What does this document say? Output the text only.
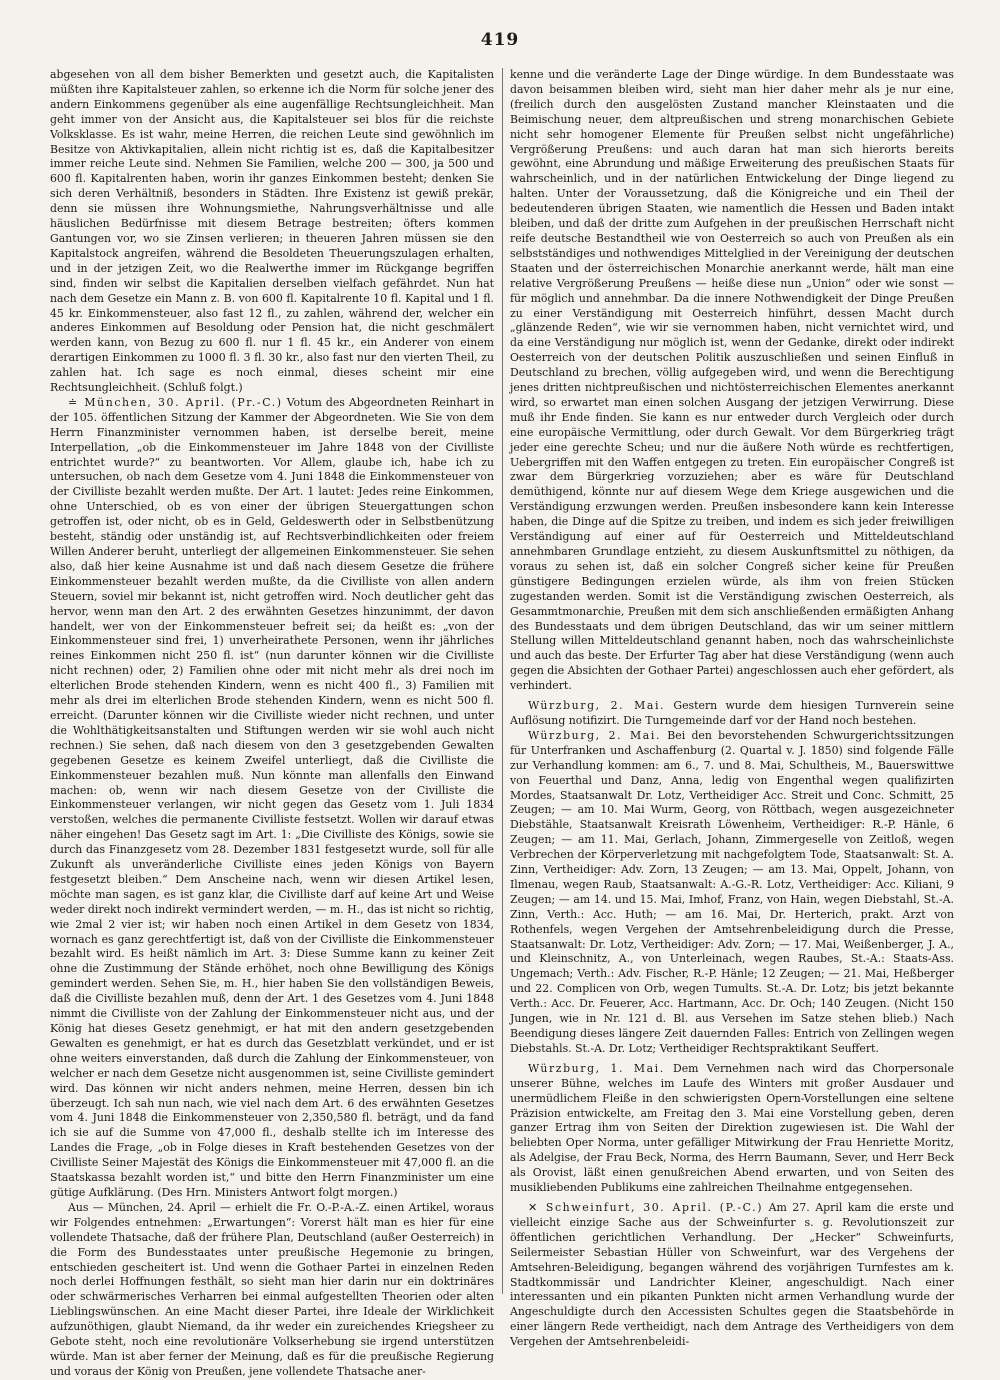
419

abgesehen von all dem bisher Bemerkten und gesetzt auch, die Kapitalisten müßten ihre Kapitalsteuer zahlen, so erkenne ich die Norm für solche jener des andern Einkommens gegenüber als eine augenfällige Rechtsungleichheit. Man geht immer von der Ansicht aus, die Kapitalsteuer sei blos für die reichste Volksklasse. Es ist wahr, meine Herren, die reichen Leute sind gewöhnlich im Besitze von Aktivkapitalien, allein nicht richtig ist es, daß die Kapitalbesitzer immer reiche Leute sind. Nehmen Sie Familien, welche 200 — 300, ja 500 und 600 fl. Kapitalrenten haben, worin ihr ganzes Einkommen besteht; denken Sie sich deren Verhältniß, besonders in Städten. Ihre Existenz ist gewiß prekär, denn sie müssen ihre Wohnungsmiethe, Nahrungsverhältnisse und alle häuslichen Bedürfnisse mit diesem Betrage bestreiten; öfters kommen Gantungen vor, wo sie Zinsen verlieren; in theueren Jahren müssen sie den Kapitalstock angreifen, während die Besoldeten Theuerungszulagen erhalten, und in der jetzigen Zeit, wo die Realwerthe immer im Rückgange begriffen sind, finden wir selbst die Kapitalien derselben vielfach gefährdet. Nun hat nach dem Gesetze ein Mann z. B. von 600 fl. Kapitalrente 10 fl. Kapital und 1 fl. 45 kr. Einkommensteuer, also fast 12 fl., zu zahlen, während der, welcher ein anderes Einkommen auf Besoldung oder Pension hat, die nicht geschmälert werden kann, von Bezug zu 600 fl. nur 1 fl. 45 kr., ein Anderer von einem derartigen Einkommen zu 1000 fl. 3 fl. 30 kr., also fast nur den vierten Theil, zu zahlen hat. Ich sage es noch einmal, dieses scheint mir eine Rechtsungleichheit. (Schluß folgt.)

≐ München, 30. April. (Pr.-C.) Votum des Abgeordneten Reinhart in der 105. öffentlichen Sitzung der Kammer der Abgeordneten. Wie Sie von dem Herrn Finanzminister vernommen haben, ist derselbe bereit, meine Interpellation, „ob die Einkommensteuer im Jahre 1848 von der Civilliste entrichtet wurde?“ zu beantworten. Vor Allem, glaube ich, habe ich zu untersuchen, ob nach dem Gesetze vom 4. Juni 1848 die Einkommensteuer von der Civilliste bezahlt werden mußte. Der Art. 1 lautet: Jedes reine Einkommen, ohne Unterschied, ob es von einer der übrigen Steuergattungen schon getroffen ist, oder nicht, ob es in Geld, Geldeswerth oder in Selbstbenützung besteht, ständig oder unständig ist, auf Rechtsverbindlichkeiten oder freiem Willen Anderer beruht, unterliegt der allgemeinen Einkommensteuer. Sie sehen also, daß hier keine Ausnahme ist und daß nach diesem Gesetze die frühere Einkommensteuer bezahlt werden mußte, da die Civilliste von allen andern Steuern, soviel mir bekannt ist, nicht getroffen wird. Noch deutlicher geht das hervor, wenn man den Art. 2 des erwähnten Gesetzes hinzunimmt, der davon handelt, wer von der Einkommensteuer befreit sei; da heißt es: „von der Einkommensteuer sind frei, 1) unverheirathete Personen, wenn ihr jährliches reines Einkommen nicht 250 fl. ist“ (nun darunter können wir die Civilliste nicht rechnen) oder, 2) Familien ohne oder mit nicht mehr als drei noch im elterlichen Brode stehenden Kindern, wenn es nicht 400 fl., 3) Familien mit mehr als drei im elterlichen Brode stehenden Kindern, wenn es nicht 500 fl. erreicht. (Darunter können wir die Civilliste wieder nicht rechnen, und unter die Wohlthätigkeitsanstalten und Stiftungen werden wir sie wohl auch nicht rechnen.) Sie sehen, daß nach diesem von den 3 gesetzgebenden Gewalten gegebenen Gesetze es keinem Zweifel unterliegt, daß die Civilliste die Einkommensteuer bezahlen muß. Nun könnte man allenfalls den Einwand machen: ob, wenn wir nach diesem Gesetze von der Civilliste die Einkommensteuer verlangen, wir nicht gegen das Gesetz vom 1. Juli 1834 verstoßen, welches die permanente Civilliste festsetzt. Wollen wir darauf etwas näher eingehen! Das Gesetz sagt im Art. 1: „Die Civilliste des Königs, sowie sie durch das Finanzgesetz vom 28. Dezember 1831 festgesetzt wurde, soll für alle Zukunft als unveränderliche Civilliste eines jeden Königs von Bayern festgesetzt bleiben.“ Dem Anscheine nach, wenn wir diesen Artikel lesen, möchte man sagen, es ist ganz klar, die Civilliste darf auf keine Art und Weise weder direkt noch indirekt vermindert werden, — m. H., das ist nicht so richtig, wie 2mal 2 vier ist; wir haben noch einen Artikel in dem Gesetz von 1834, wornach es ganz gerechtfertigt ist, daß von der Civilliste die Einkommensteuer bezahlt wird. Es heißt nämlich im Art. 3: Diese Summe kann zu keiner Zeit ohne die Zustimmung der Stände erhöhet, noch ohne Bewilligung des Königs gemindert werden. Sehen Sie, m. H., hier haben Sie den vollständigen Beweis, daß die Civilliste bezahlen muß, denn der Art. 1 des Gesetzes vom 4. Juni 1848 nimmt die Civilliste von der Zahlung der Einkommensteuer nicht aus, und der König hat dieses Gesetz genehmigt, er hat mit den andern gesetzgebenden Gewalten es genehmigt, er hat es durch das Gesetzblatt verkündet, und er ist ohne weiters einverstanden, daß durch die Zahlung der Einkommensteuer, von welcher er nach dem Gesetze nicht ausgenommen ist, seine Civilliste gemindert wird. Das können wir nicht anders nehmen, meine Herren, dessen bin ich überzeugt. Ich sah nun nach, wie viel nach dem Art. 6 des erwähnten Gesetzes vom 4. Juni 1848 die Einkommensteuer von 2,350,580 fl. beträgt, und da fand ich sie auf die Summe von 47,000 fl., deshalb stellte ich im Interesse des Landes die Frage, „ob in Folge dieses in Kraft bestehenden Gesetzes von der Civilliste Seiner Majestät des Königs die Einkommensteuer mit 47,000 fl. an die Staatskassa bezahlt worden ist,“ und bitte den Herrn Finanzminister um eine gütige Aufklärung. (Des Hrn. Ministers Antwort folgt morgen.)

Aus — München, 24. April — erhielt die Fr. O.-P.-A.-Z. einen Artikel, woraus wir Folgendes entnehmen: „Erwartungen“: Vorerst hält man es hier für eine vollendete Thatsache, daß der frühere Plan, Deutschland (außer Oesterreich) in die Form des Bundesstaates unter preußische Hegemonie zu bringen, entschieden gescheitert ist. Und wenn die Gothaer Partei in einzelnen Reden noch derlei Hoffnungen festhält, so sieht man hier darin nur ein doktrinäres oder schwärmerisches Verharren bei einmal aufgestellten Theorien oder alten Lieblingswünschen. An eine Macht dieser Partei, ihre Ideale der Wirklichkeit aufzunöthigen, glaubt Niemand, da ihr weder ein zureichendes Kriegsheer zu Gebote steht, noch eine revolutionäre Volkserhebung sie irgend unterstützen würde. Man ist aber ferner der Meinung, daß es für die preußische Regierung und voraus der König von Preußen, jene vollendete Thatsache aner-

kenne und die veränderte Lage der Dinge würdige. In dem Bundesstaate was davon beisammen bleiben wird, sieht man hier daher mehr als je nur eine, (freilich durch den ausgelösten Zustand mancher Kleinstaaten und die Beimischung neuer, dem altpreußischen und streng monarchischen Gebiete nicht sehr homogener Elemente für Preußen selbst nicht ungefährliche) Vergrößerung Preußens: und auch daran hat man sich hierorts bereits gewöhnt, eine Abrundung und mäßige Erweiterung des preußischen Staats für wahrscheinlich, und in der natürlichen Entwickelung der Dinge liegend zu halten. Unter der Voraussetzung, daß die Königreiche und ein Theil der bedeutenderen übrigen Staaten, wie namentlich die Hessen und Baden intakt bleiben, und daß der dritte zum Aufgehen in der preußischen Herrschaft nicht reife deutsche Bestandtheil wie von Oesterreich so auch von Preußen als ein selbstständiges und nothwendiges Mittelglied in der Vereinigung der deutschen Staaten und der österreichischen Monarchie anerkannt werde, hält man eine relative Vergrößerung Preußens — heiße diese nun „Union“ oder wie sonst — für möglich und annehmbar. Da die innere Nothwendigkeit der Dinge Preußen zu einer Verständigung mit Oesterreich hinführt, dessen Macht durch „glänzende Reden“, wie wir sie vernommen haben, nicht vernichtet wird, und da eine Verständigung nur möglich ist, wenn der Gedanke, direkt oder indirekt Oesterreich von der deutschen Politik auszuschließen und seinen Einfluß in Deutschland zu brechen, völlig aufgegeben wird, und wenn die Berechtigung jenes dritten nichtpreußischen und nichtösterreichischen Elementes anerkannt wird, so erwartet man einen solchen Ausgang der jetzigen Verwirrung. Diese muß ihr Ende finden. Sie kann es nur entweder durch Vergleich oder durch eine europäische Vermittlung, oder durch Gewalt. Vor dem Bürgerkrieg trägt jeder eine gerechte Scheu; und nur die äußere Noth würde es rechtfertigen, Uebergriffen mit den Waffen entgegen zu treten. Ein europäischer Congreß ist zwar dem Bürgerkrieg vorzuziehen; aber es wäre für Deutschland demüthigend, könnte nur auf diesem Wege dem Kriege ausgewichen und die Verständigung erzwungen werden. Preußen insbesondere kann kein Interesse haben, die Dinge auf die Spitze zu treiben, und indem es sich jeder freiwilligen Verständigung auf einer auf für Oesterreich und Mitteldeutschland annehmbaren Grundlage entzieht, zu diesem Auskunftsmittel zu nöthigen, da voraus zu sehen ist, daß ein solcher Congreß sicher keine für Preußen günstigere Bedingungen erzielen würde, als ihm von freien Stücken zugestanden werden. Somit ist die Verständigung zwischen Oesterreich, als Gesammtmonarchie, Preußen mit dem sich anschließenden ermäßigten Anhang des Bundesstaats und dem übrigen Deutschland, das wir um seiner mittlern Stellung willen Mitteldeutschland genannt haben, noch das wahrscheinlichste und auch das beste. Der Erfurter Tag aber hat diese Verständigung (wenn auch gegen die Absichten der Gothaer Partei) angeschlossen auch eher gefördert, als verhindert.

Würzburg, 2. Mai. Gestern wurde dem hiesigen Turnverein seine Auflösung notifizirt. Die Turngemeinde darf vor der Hand noch bestehen.

Würzburg, 2. Mai. Bei den bevorstehenden Schwurgerichtssitzungen für Unterfranken und Aschaffenburg (2. Quartal v. J. 1850) sind folgende Fälle zur Verhandlung kommen: am 6., 7. und 8. Mai, Schultheis, M., Bauerswittwe von Feuerthal und Danz, Anna, ledig von Engenthal wegen qualifizirten Mordes, Staatsanwalt Dr. Lotz, Vertheidiger Acc. Streit und Conc. Schmitt, 25 Zeugen; — am 10. Mai Wurm, Georg, von Röttbach, wegen ausgezeichneter Diebstähle, Staatsanwalt Kreisrath Löwenheim, Vertheidiger: R.-P. Hänle, 6 Zeugen; — am 11. Mai, Gerlach, Johann, Zimmergeselle von Zeitloß, wegen Verbrechen der Körperverletzung mit nachgefolgtem Tode, Staatsanwalt: St. A. Zinn, Vertheidiger: Adv. Zorn, 13 Zeugen; — am 13. Mai, Oppelt, Johann, von Ilmenau, wegen Raub, Staatsanwalt: A.-G.-R. Lotz, Vertheidiger: Acc. Kiliani, 9 Zeugen; — am 14. und 15. Mai, Imhof, Franz, von Hain, wegen Diebstahl, St.-A. Zinn, Verth.: Acc. Huth; — am 16. Mai, Dr. Herterich, prakt. Arzt von Rothenfels, wegen Vergehen der Amtsehrenbeleidigung durch die Presse, Staatsanwalt: Dr. Lotz, Vertheidiger: Adv. Zorn; — 17. Mai, Weißenberger, J. A., und Kleinschnitz, A., von Unterleinach, wegen Raubes, St.-A.: Staats-Ass. Ungemach; Verth.: Adv. Fischer, R.-P. Hänle; 12 Zeugen; — 21. Mai, Heßberger und 22. Complicen von Orb, wegen Tumults. St.-A. Dr. Lotz; bis jetzt bekannte Verth.: Acc. Dr. Feuerer, Acc. Hartmann, Acc. Dr. Och; 140 Zeugen. (Nicht 150 Jungen, wie in Nr. 121 d. Bl. aus Versehen im Satze stehen blieb.) Nach Beendigung dieses längere Zeit dauernden Falles: Entrich von Zellingen wegen Diebstahls. St.-A. Dr. Lotz; Vertheidiger Rechtspraktikant Seuffert.

Würzburg, 1. Mai. Dem Vernehmen nach wird das Chorpersonale unserer Bühne, welches im Laufe des Winters mit großer Ausdauer und unermüdlichem Fleiße in den schwierigsten Opern-Vorstellungen eine seltene Präzision entwickelte, am Freitag den 3. Mai eine Vorstellung geben, deren ganzer Ertrag ihm von Seiten der Direktion zugewiesen ist. Die Wahl der beliebten Oper Norma, unter gefälliger Mitwirkung der Frau Henriette Moritz, als Adelgise, der Frau Beck, Norma, des Herrn Baumann, Sever, und Herr Beck als Orovist, läßt einen genußreichen Abend erwarten, und von Seiten des musikliebenden Publikums eine zahlreichen Theilnahme entgegensehen.

✕ Schweinfurt, 30. April. (P.-C.) Am 27. April kam die erste und vielleicht einzige Sache aus der Schweinfurter s. g. Revolutionszeit zur öffentlichen gerichtlichen Verhandlung. Der „Hecker“ Schweinfurts, Seilermeister Sebastian Hüller von Schweinfurt, war des Vergehens der Amtsehren-Beleidigung, begangen während des vorjährigen Turnfestes am k. Stadtkommissär und Landrichter Kleiner, angeschuldigt. Nach einer interessanten und ein pikanten Punkten nicht armen Verhandlung wurde der Angeschuldigte durch den Accessisten Schultes gegen die Staatsbehörde in einer längern Rede vertheidigt, nach dem Antrage des Vertheidigers von dem Vergehen der Amtsehrenbeleidi-
